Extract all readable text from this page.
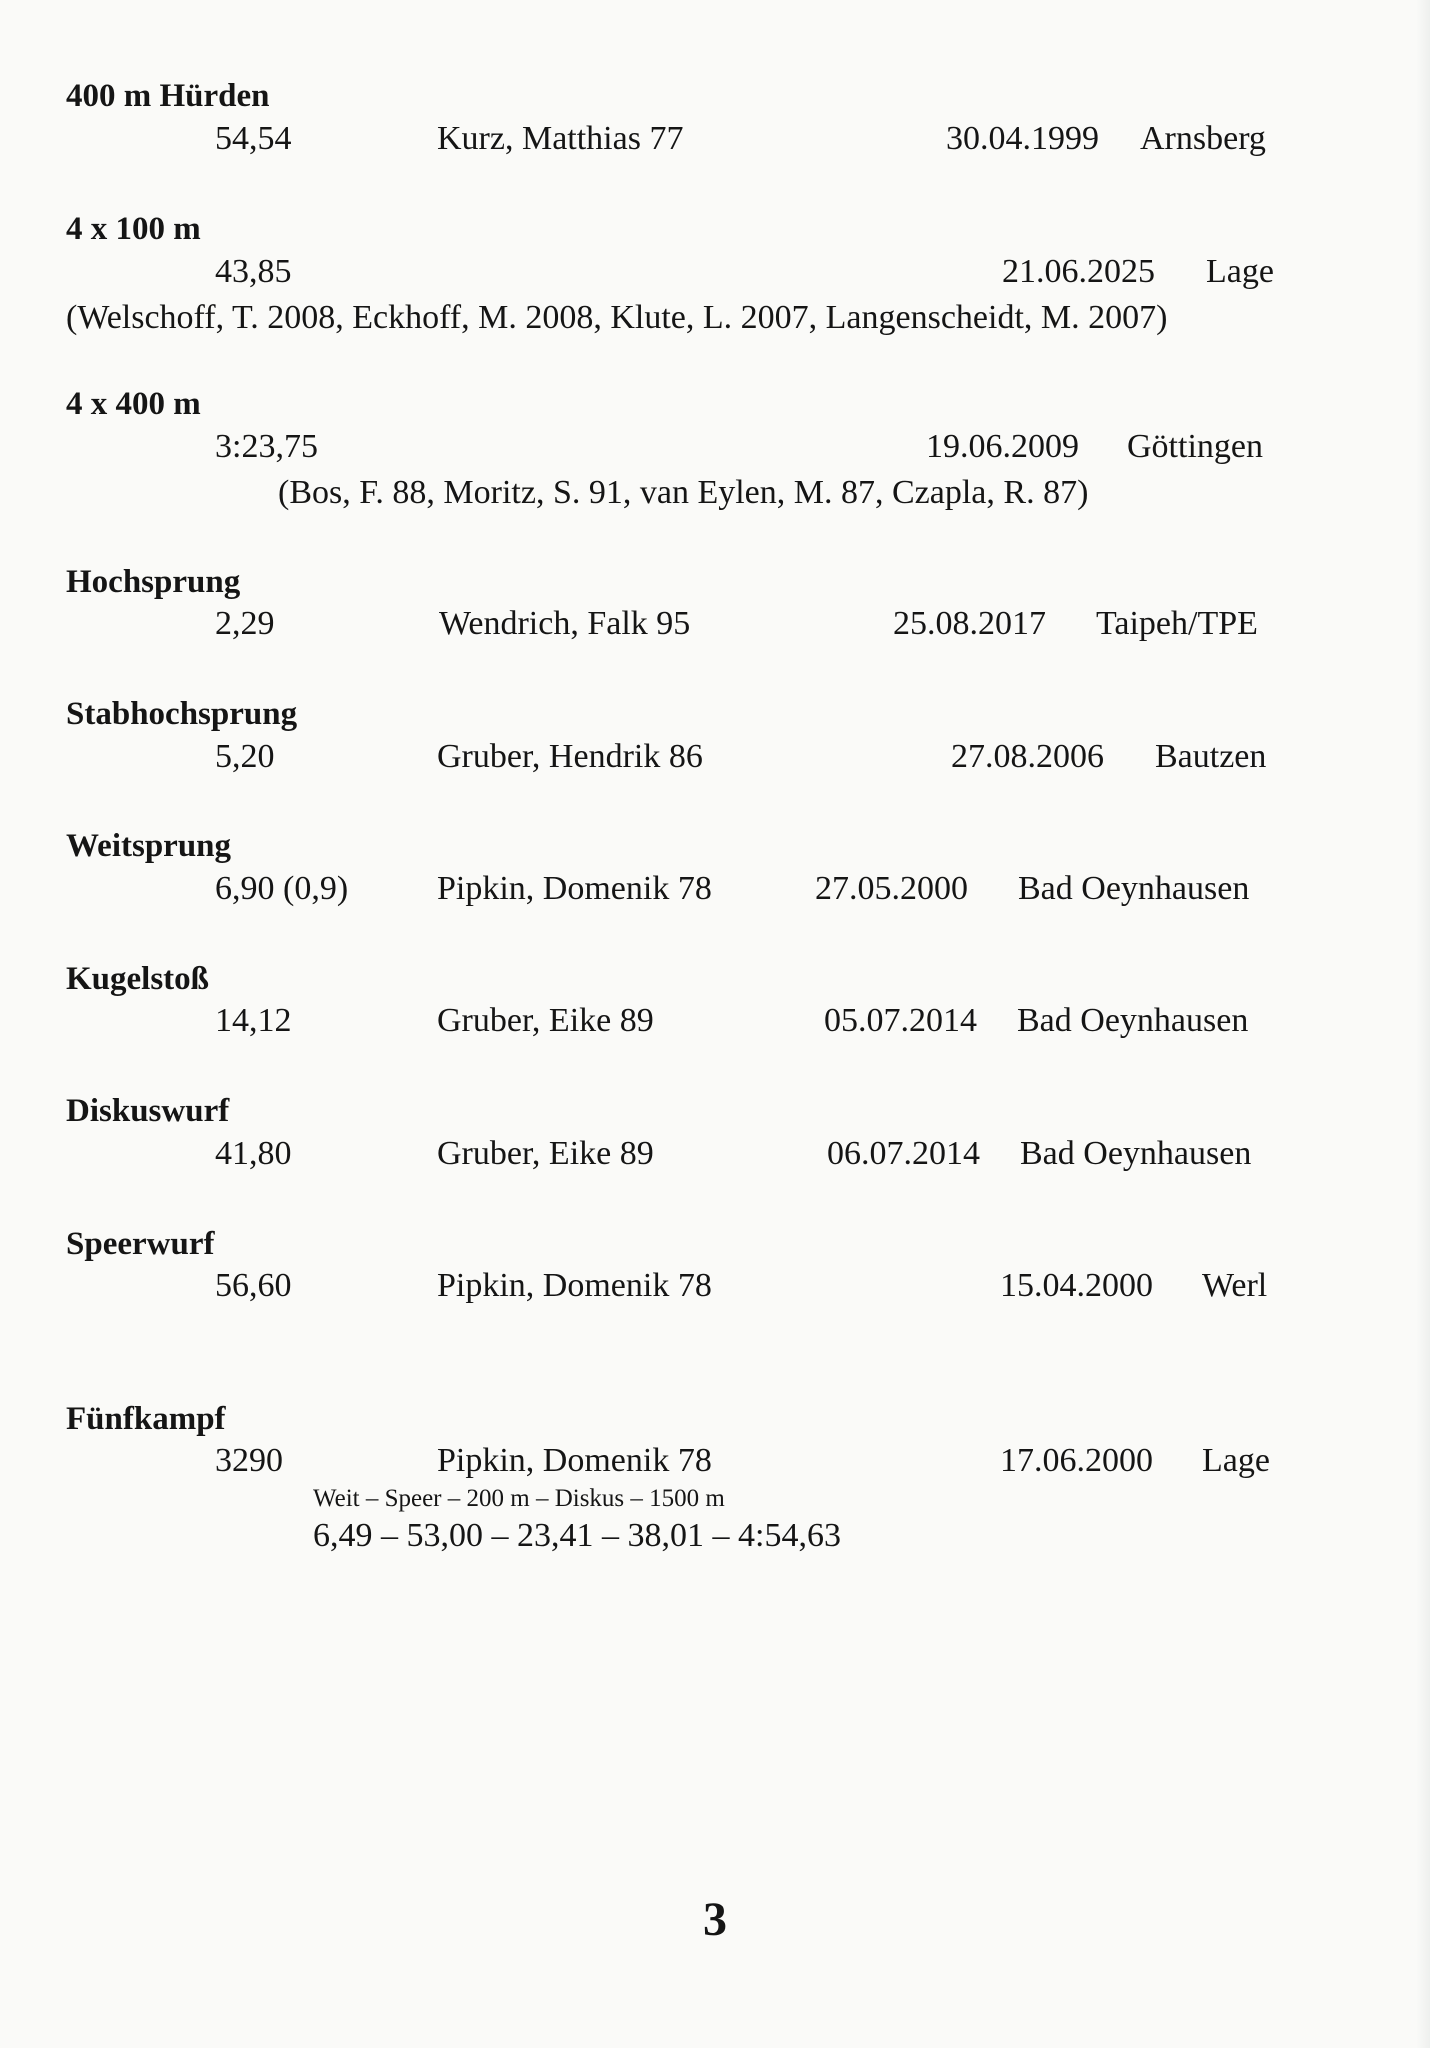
400 m Hürden
54,54	Kurz, Matthias 77	30.04.1999 Arnsberg
4 x 100 m
43,85	21.06.2025 Lage
(Welschoff, T. 2008, Eckhoff, M. 2008, Klute, L. 2007, Langenscheidt, M. 2007)
4 x 400 m
3:23,75	19.06.2009 Göttingen
(Bos, F. 88, Moritz, S. 91, van Eylen, M. 87, Czapla, R. 87)
Hochsprung
2,29	Wendrich, Falk 95	25.08.2017 Taipeh/TPE
Stabhochsprung
5,20	Gruber, Hendrik 86	27.08.2006 Bautzen
Weitsprung
6,90 (0,9)	Pipkin, Domenik 78	27.05.2000 Bad Oeynhausen
Kugelstoß
14,12	Gruber, Eike 89	05.07.2014 Bad Oeynhausen
Diskuswurf
41,80	Gruber, Eike 89	06.07.2014 Bad Oeynhausen
Speerwurf
56,60	Pipkin, Domenik 78	15.04.2000 Werl
Fünfkampf
3290	Pipkin, Domenik 78	17.06.2000 Lage
Weit – Speer – 200 m – Diskus – 1500 m
6,49 – 53,00 – 23,41 – 38,01 – 4:54,63
3
